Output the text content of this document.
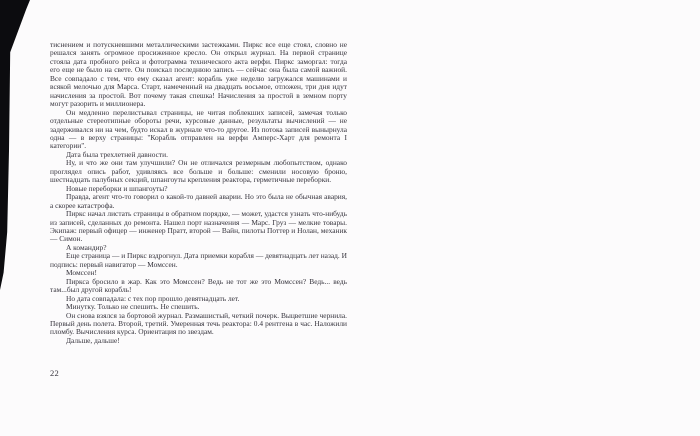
тиснением и потускневшими металлическими застежками. Пиркс все еще стоял, словно не решался занять огромное просиженное кресло. Он открыл журнал. На первой странице стояла дата пробного рейса и фотограмма технического акта верфи. Пиркс заморгал: тогда его еще не было на свете. Он поискал последнюю запись — сейчас она была самой важной. Все совпадало с тем, что ему сказал агент: корабль уже неделю загружался машинами и всякой мелочью для Марса. Старт, намеченный на двадцать восьмое, отложен, три дня идут начисления за простой. Вот почему такая спешка! Начисления за простой в земном порту могут разорить и миллионера.

Он медленно перелистывал страницы, не читая поблекших записей, замечая только отдельные стереотипные обороты речи, курсовые данные, результаты вычислений — не задерживался ни на чем, будто искал в журнале что-то другое. Из потока записей вынырнула одна — в верху страницы: "Корабль отправлен на верфи Амперс-Харт для ремонта I категории".

Дата была трехлетней давности.

Ну, и что же они там улучшили? Он не отличался резмерным любопытством, однако проглядел опись работ, удивляясь все больше и больше: сменили носовую броню, шестнадцать палубных секций, шпангоуты крепления реактора, герметичные переборки.

Новые переборки и шпангоуты?

Правда, агент что-то говорил о какой-то давней аварии. Но это была не обычная авария, а скорее катастрофа.

Пиркс начал листать страницы в обратном порядке, — может, удастся узнать что-нибудь из записей, сделанных до ремонта. Нашел порт назначения — Марс. Груз — мелкие товары. Экипаж: первый офицер — инженер Пратт, второй — Вайн, пилоты Поттер и Нолан, механик — Симон.

А командир?

Еще страница — и Пиркс вздрогнул. Дата приемки корабля — девятнадцать лет назад. И подпись: первый навигатор — Момссен.

Момссен!

Пиркса бросило в жар. Как это Момссен? Ведь не тот же это Момссен? Ведь... ведь там...был другой корабль!

Но дата совпадала: с тех пор прошло девятнадцать лет.

Минутку. Только не спешить. Не спешить.

Он снова взялся за бортовой журнал. Размашистый, четкий почерк. Выцветшие чернила. Первый день полета. Второй, третий. Умеренная течь реактора: 0.4 рентгена в час. Наложили пломбу. Вычисления курса. Ориентация по звездам.

Дальше, дальше!

22
